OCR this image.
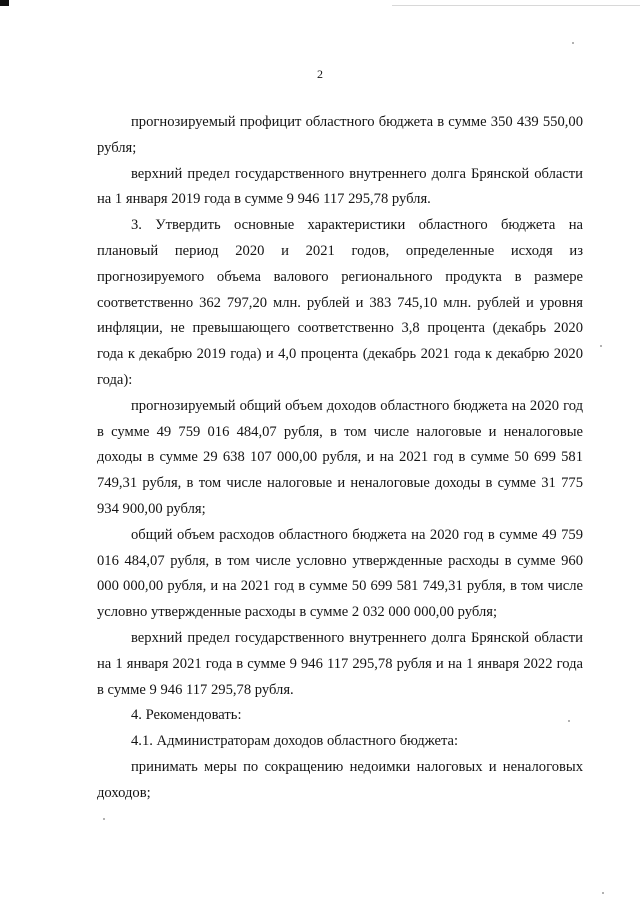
2

прогнозируемый профицит областного бюджета в сумме 350 439 550,00 рубля;

верхний предел государственного внутреннего долга Брянской области на 1 января 2019 года в сумме 9 946 117 295,78 рубля.

3. Утвердить основные характеристики областного бюджета на плановый период 2020 и 2021 годов, определенные исходя из прогнозируемого объема валового регионального продукта в размере соответственно 362 797,20 млн. рублей и 383 745,10 млн. рублей и уровня инфляции, не превышающего соответственно 3,8 процента (декабрь 2020 года к декабрю 2019 года) и 4,0 процента (декабрь 2021 года к декабрю 2020 года):

прогнозируемый общий объем доходов областного бюджета на 2020 год в сумме 49 759 016 484,07 рубля, в том числе налоговые и неналоговые доходы в сумме 29 638 107 000,00 рубля, и на 2021 год в сумме 50 699 581 749,31 рубля, в том числе налоговые и неналоговые доходы в сумме 31 775 934 900,00 рубля;

общий объем расходов областного бюджета на 2020 год в сумме 49 759 016 484,07 рубля, в том числе условно утвержденные расходы в сумме 960 000 000,00 рубля, и на 2021 год в сумме 50 699 581 749,31 рубля, в том числе условно утвержденные расходы в сумме 2 032 000 000,00 рубля;

верхний предел государственного внутреннего долга Брянской области на 1 января 2021 года в сумме 9 946 117 295,78 рубля и на 1 января 2022 года в сумме 9 946 117 295,78 рубля.

4. Рекомендовать:

4.1. Администраторам доходов областного бюджета:

принимать меры по сокращению недоимки налоговых и неналоговых доходов;
